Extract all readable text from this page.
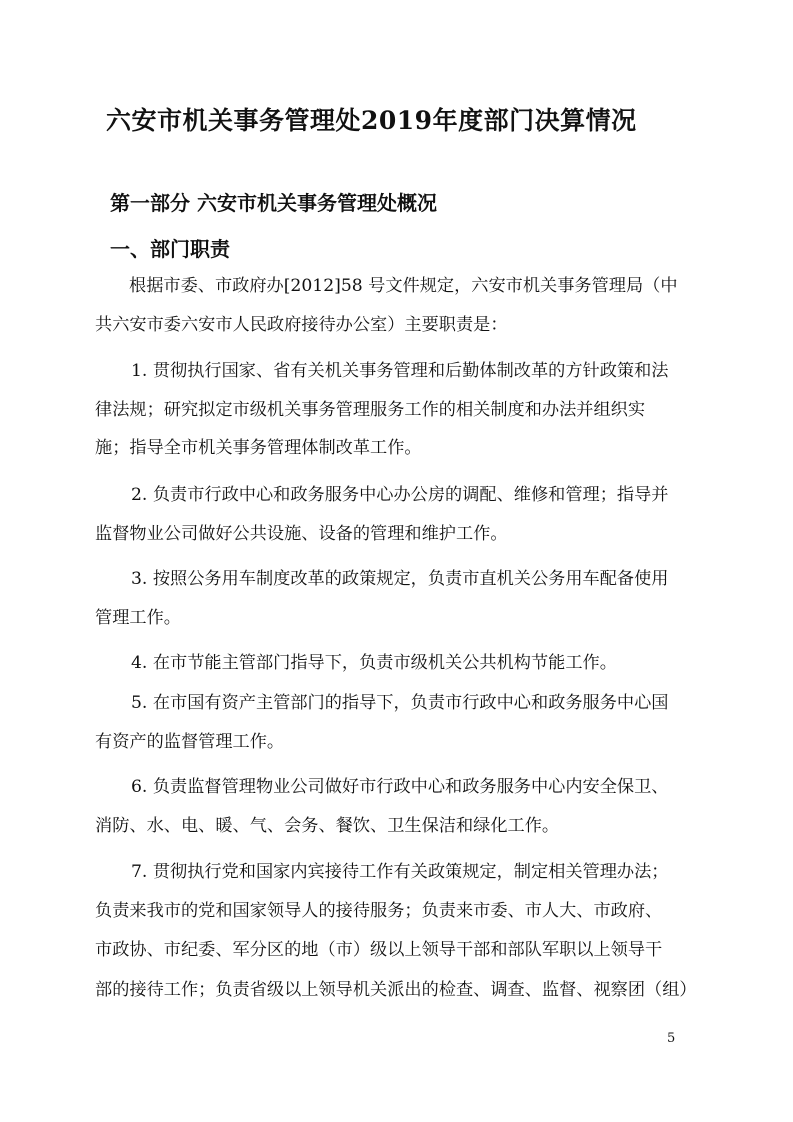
六安市机关事务管理处2019年度部门决算情况
第一部分 六安市机关事务管理处概况
一、部门职责

根据市委、市政府办[2012]58 号文件规定，六安市机关事务管理局（中

共六安市委六安市人民政府接待办公室）主要职责是：

1. 贯彻执行国家、省有关机关事务管理和后勤体制改革的方针政策和法

律法规；研究拟定市级机关事务管理服务工作的相关制度和办法并组织实

施；指导全市机关事务管理体制改革工作。

2. 负责市行政中心和政务服务中心办公房的调配、维修和管理；指导并

监督物业公司做好公共设施、设备的管理和维护工作。

3. 按照公务用车制度改革的政策规定，负责市直机关公务用车配备使用

管理工作。

4. 在市节能主管部门指导下，负责市级机关公共机构节能工作。

5. 在市国有资产主管部门的指导下，负责市行政中心和政务服务中心国

有资产的监督管理工作。

6. 负责监督管理物业公司做好市行政中心和政务服务中心内安全保卫、

消防、水、电、暖、气、会务、餐饮、卫生保洁和绿化工作。

7. 贯彻执行党和国家内宾接待工作有关政策规定，制定相关管理办法；

负责来我市的党和国家领导人的接待服务；负责来市委、市人大、市政府、

市政协、市纪委、军分区的地（市）级以上领导干部和部队军职以上领导干

部的接待工作；负责省级以上领导机关派出的检查、调查、监督、视察团（组）

5
